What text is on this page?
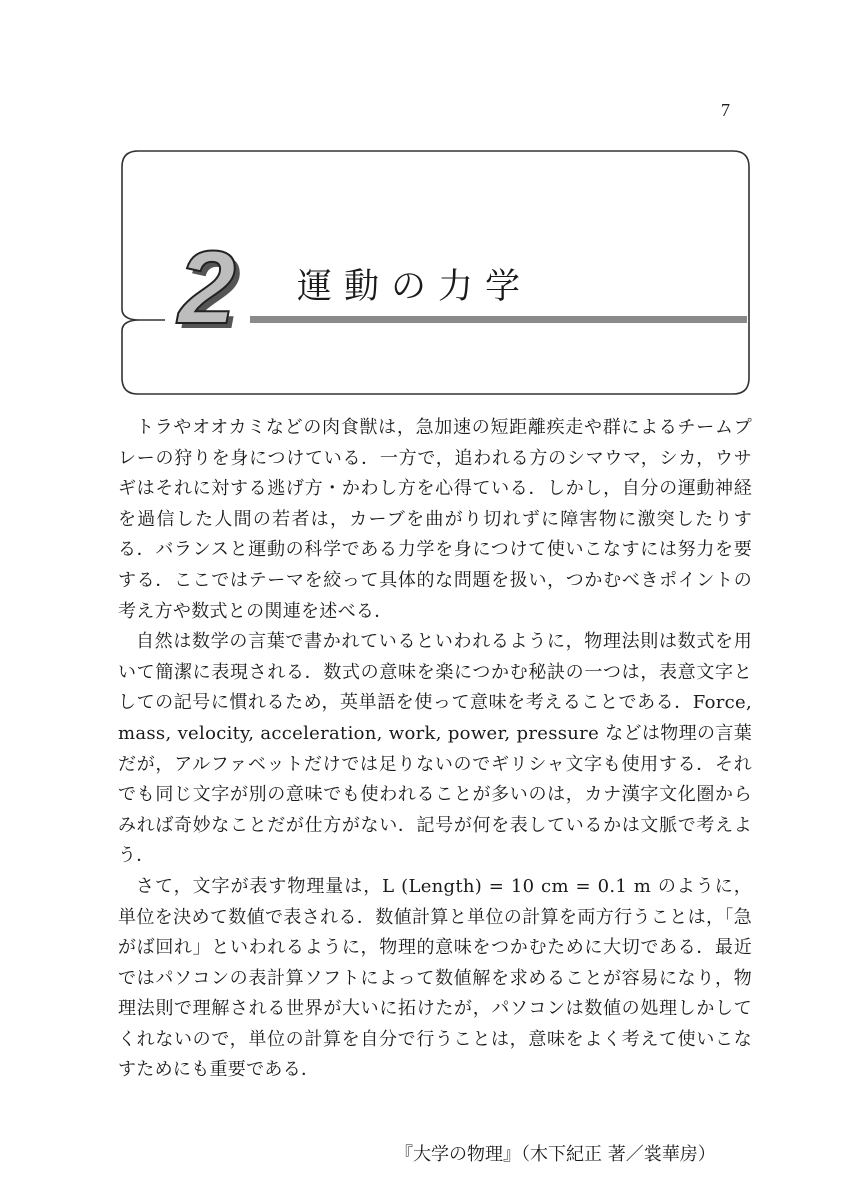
7
2 運動の力学

トラやオオカミなどの肉食獣は，急加速の短距離疾走や群によるチームプレーの狩りを身につけている．一方で，追われる方のシマウマ，シカ，ウサギはそれに対する逃げ方・かわし方を心得ている．しかし，自分の運動神経を過信した人間の若者は，カーブを曲がり切れずに障害物に激突したりする．バランスと運動の科学である力学を身につけて使いこなすには努力を要する．ここではテーマを絞って具体的な問題を扱い，つかむべきポイントの考え方や数式との関連を述べる．

自然は数学の言葉で書かれているといわれるように，物理法則は数式を用いて簡潔に表現される．数式の意味を楽につかむ秘訣の一つは，表意文字としての記号に慣れるため，英単語を使って意味を考えることである．Force, mass, velocity, acceleration, work, power, pressure などは物理の言葉だが，アルファベットだけでは足りないのでギリシャ文字も使用する．それでも同じ文字が別の意味でも使われることが多いのは，カナ漢字文化圏からみれば奇妙なことだが仕方がない．記号が何を表しているかは文脈で考えよう．

さて，文字が表す物理量は，L (Length) = 10 cm = 0.1 m のように，単位を決めて数値で表される．数値計算と単位の計算を両方行うことは，「急がば回れ」といわれるように，物理的意味をつかむために大切である．最近ではパソコンの表計算ソフトによって数値解を求めることが容易になり，物理法則で理解される世界が大いに拓けたが，パソコンは数値の処理しかしてくれないので，単位の計算を自分で行うことは，意味をよく考えて使いこなすためにも重要である．

『大学の物理』（木下紀正 著／裳華房）
